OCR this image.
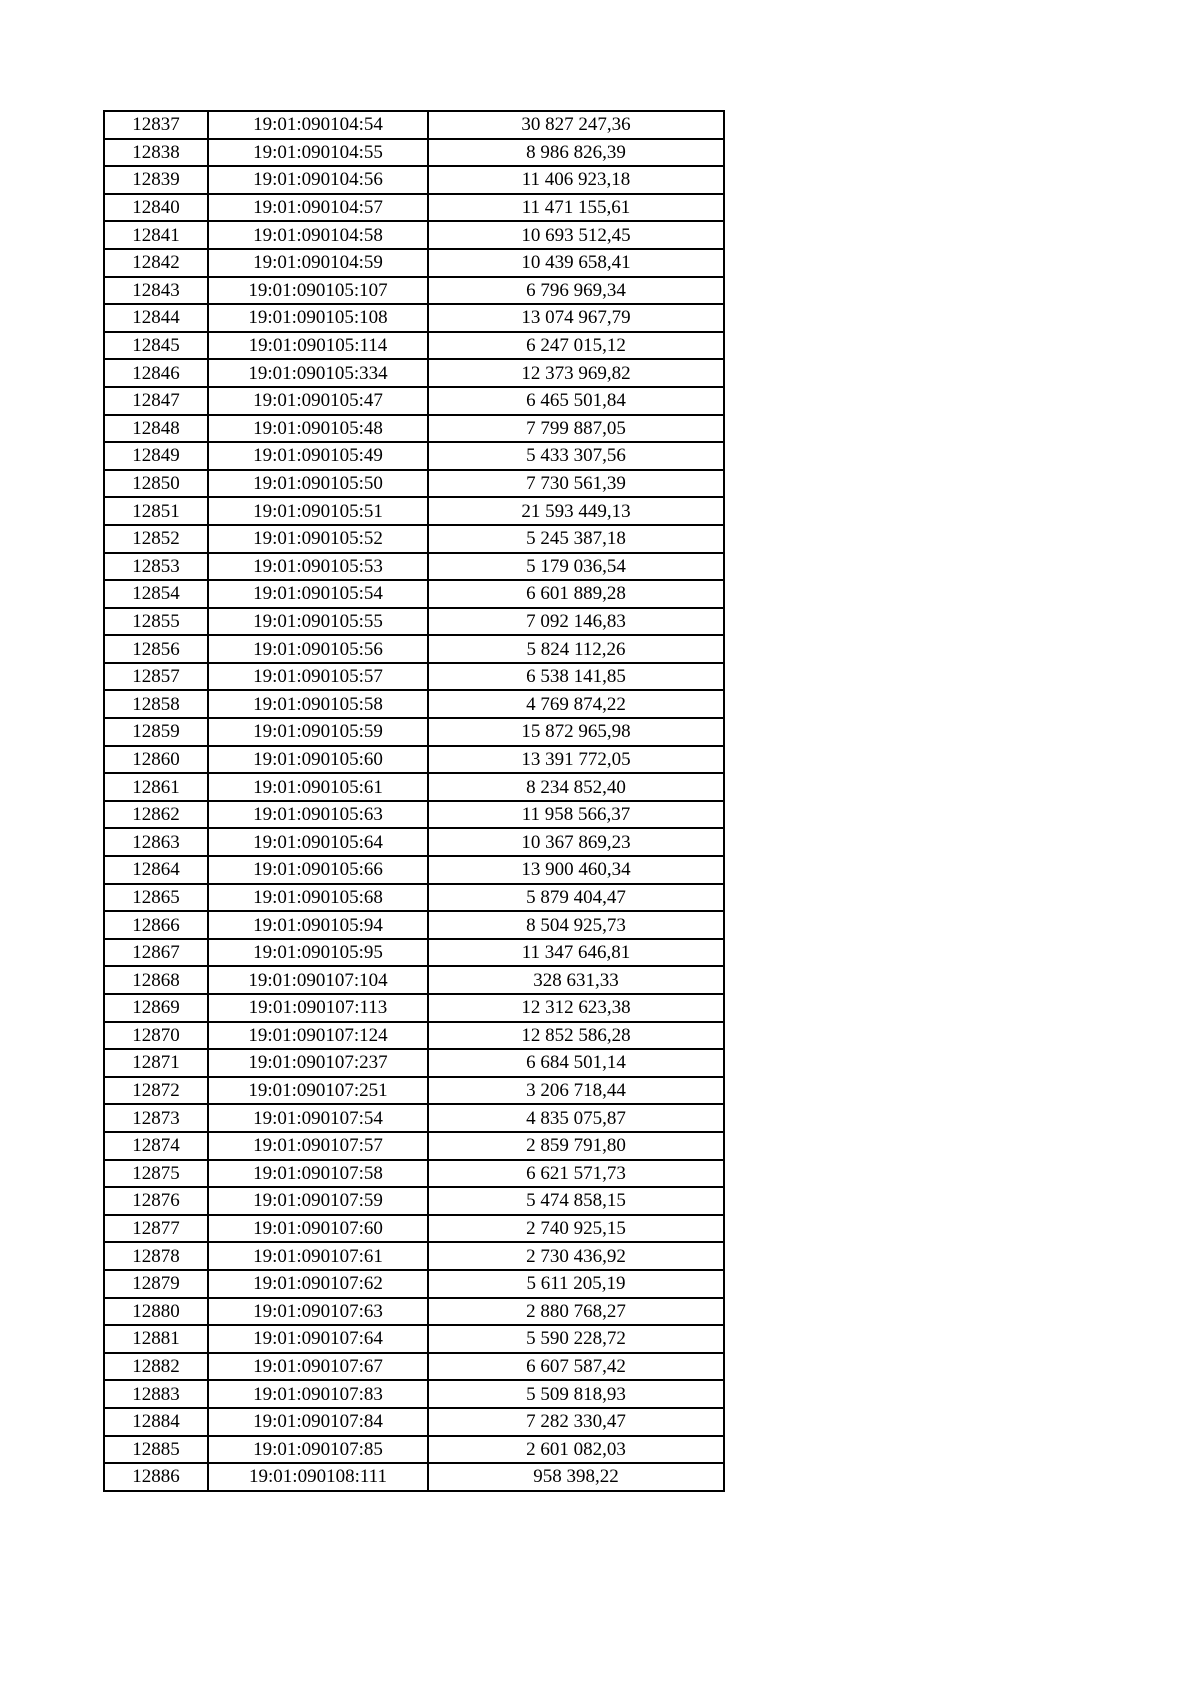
12837	19:01:090104:54	30 827 247,36
12838	19:01:090104:55	8 986 826,39
12839	19:01:090104:56	11 406 923,18
12840	19:01:090104:57	11 471 155,61
12841	19:01:090104:58	10 693 512,45
12842	19:01:090104:59	10 439 658,41
12843	19:01:090105:107	6 796 969,34
12844	19:01:090105:108	13 074 967,79
12845	19:01:090105:114	6 247 015,12
12846	19:01:090105:334	12 373 969,82
12847	19:01:090105:47	6 465 501,84
12848	19:01:090105:48	7 799 887,05
12849	19:01:090105:49	5 433 307,56
12850	19:01:090105:50	7 730 561,39
12851	19:01:090105:51	21 593 449,13
12852	19:01:090105:52	5 245 387,18
12853	19:01:090105:53	5 179 036,54
12854	19:01:090105:54	6 601 889,28
12855	19:01:090105:55	7 092 146,83
12856	19:01:090105:56	5 824 112,26
12857	19:01:090105:57	6 538 141,85
12858	19:01:090105:58	4 769 874,22
12859	19:01:090105:59	15 872 965,98
12860	19:01:090105:60	13 391 772,05
12861	19:01:090105:61	8 234 852,40
12862	19:01:090105:63	11 958 566,37
12863	19:01:090105:64	10 367 869,23
12864	19:01:090105:66	13 900 460,34
12865	19:01:090105:68	5 879 404,47
12866	19:01:090105:94	8 504 925,73
12867	19:01:090105:95	11 347 646,81
12868	19:01:090107:104	328 631,33
12869	19:01:090107:113	12 312 623,38
12870	19:01:090107:124	12 852 586,28
12871	19:01:090107:237	6 684 501,14
12872	19:01:090107:251	3 206 718,44
12873	19:01:090107:54	4 835 075,87
12874	19:01:090107:57	2 859 791,80
12875	19:01:090107:58	6 621 571,73
12876	19:01:090107:59	5 474 858,15
12877	19:01:090107:60	2 740 925,15
12878	19:01:090107:61	2 730 436,92
12879	19:01:090107:62	5 611 205,19
12880	19:01:090107:63	2 880 768,27
12881	19:01:090107:64	5 590 228,72
12882	19:01:090107:67	6 607 587,42
12883	19:01:090107:83	5 509 818,93
12884	19:01:090107:84	7 282 330,47
12885	19:01:090107:85	2 601 082,03
12886	19:01:090108:111	958 398,22
